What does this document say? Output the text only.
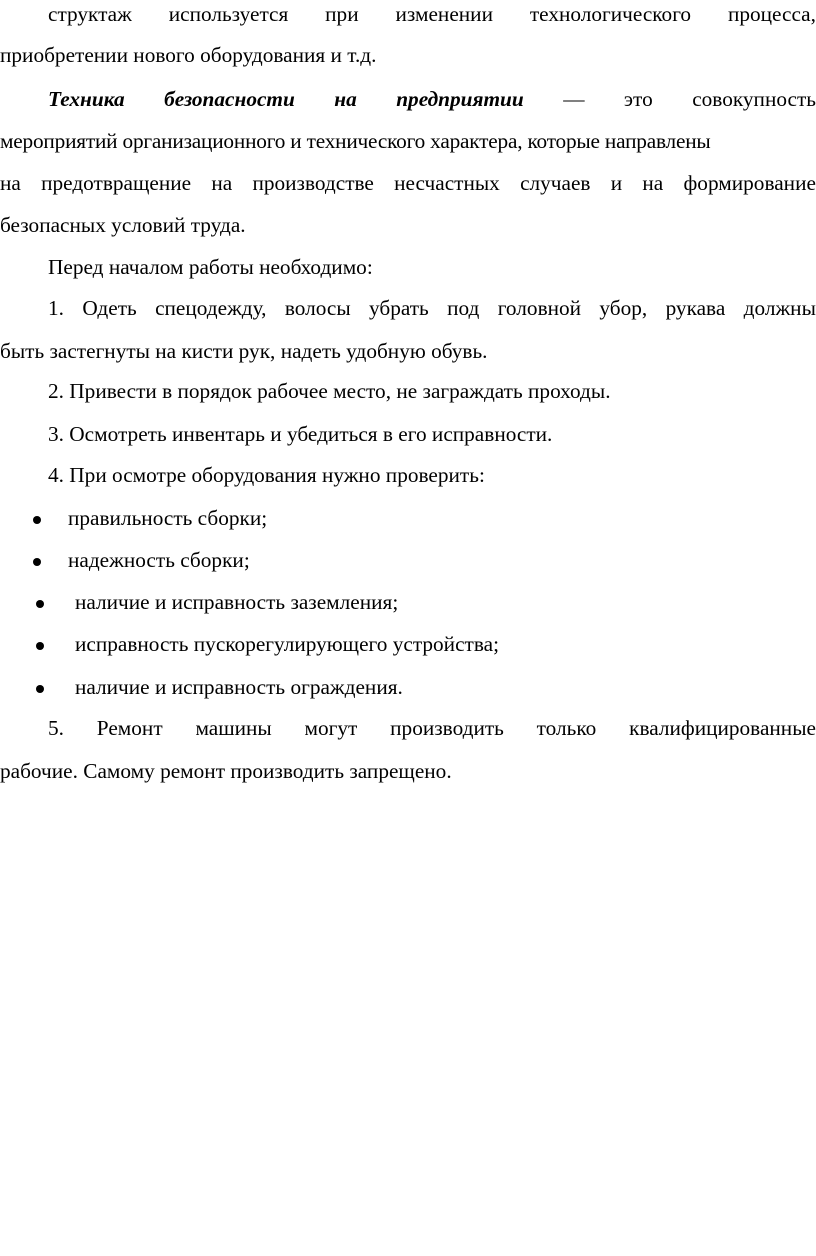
структаж используется при изменении технологического процесса,
приобретении нового оборудования и т.д.
Техника безопасности на предприятии — это совокупность
мероприятий организационного и технического характера, которые направлены
на предотвращение на производстве несчастных случаев и на формирование
безопасных условий труда.
Перед началом работы необходимо:
1. Одеть спецодежду, волосы убрать под головной убор, рукава должны
быть застегнуты на кисти рук, надеть удобную обувь.
2. Привести в порядок рабочее место, не заграждать проходы.
3. Осмотреть инвентарь и убедиться в его исправности.
4. При осмотре оборудования нужно проверить:
правильность сборки;
надежность сборки;
наличие и исправность заземления;
исправность пускорегулирующего устройства;
наличие и исправность ограждения.
5. Ремонт машины могут производить только квалифицированные
рабочие. Самому ремонт производить запрещено.
